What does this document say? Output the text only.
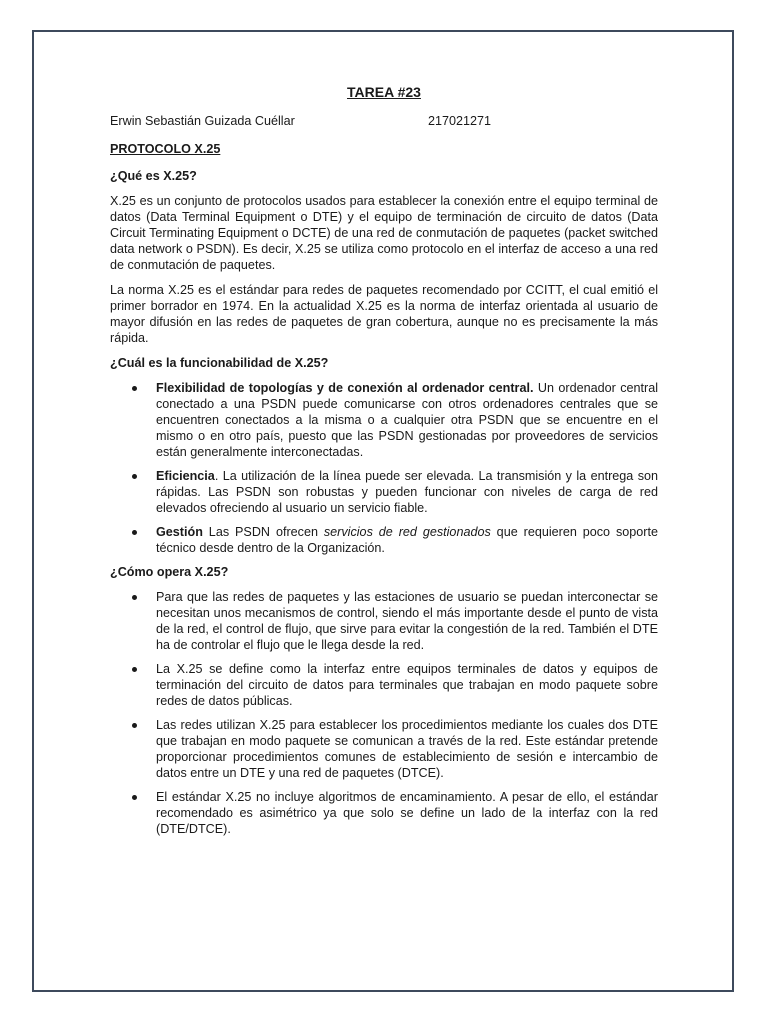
TAREA #23
Erwin Sebastián Guizada Cuéllar	217021271
PROTOCOLO X.25
¿Qué es X.25?

X.25 es un conjunto de protocolos usados para establecer la conexión entre el equipo terminal de datos (Data Terminal Equipment o DTE) y el equipo de terminación de circuito de datos (Data Circuit Terminating Equipment o DCTE) de una red de conmutación de paquetes (packet switched data network o PSDN). Es decir, X.25 se utiliza como protocolo en el interfaz de acceso a una red de conmutación de paquetes.

La norma X.25 es el estándar para redes de paquetes recomendado por CCITT, el cual emitió el primer borrador en 1974. En la actualidad X.25 es la norma de interfaz orientada al usuario de mayor difusión en las redes de paquetes de gran cobertura, aunque no es precisamente la más rápida.

¿Cuál es la funcionabilidad de X.25?
Flexibilidad de topologías y de conexión al ordenador central. Un ordenador central conectado a una PSDN puede comunicarse con otros ordenadores centrales que se encuentren conectados a la misma o a cualquier otra PSDN que se encuentre en el mismo o en otro país, puesto que las PSDN gestionadas por proveedores de servicios están generalmente interconectadas.
Eficiencia. La utilización de la línea puede ser elevada. La transmisión y la entrega son rápidas. Las PSDN son robustas y pueden funcionar con niveles de carga de red elevados ofreciendo al usuario un servicio fiable.
Gestión Las PSDN ofrecen servicios de red gestionados que requieren poco soporte técnico desde dentro de la Organización.
¿Cómo opera X.25?
Para que las redes de paquetes y las estaciones de usuario se puedan interconectar se necesitan unos mecanismos de control, siendo el más importante desde el punto de vista de la red, el control de flujo, que sirve para evitar la congestión de la red. También el DTE ha de controlar el flujo que le llega desde la red.
La X.25 se define como la interfaz entre equipos terminales de datos y equipos de terminación del circuito de datos para terminales que trabajan en modo paquete sobre redes de datos públicas.
Las redes utilizan X.25 para establecer los procedimientos mediante los cuales dos DTE que trabajan en modo paquete se comunican a través de la red. Este estándar pretende proporcionar procedimientos comunes de establecimiento de sesión e intercambio de datos entre un DTE y una red de paquetes (DTCE).
El estándar X.25 no incluye algoritmos de encaminamiento. A pesar de ello, el estándar recomendado es asimétrico ya que solo se define un lado de la interfaz con la red (DTE/DTCE).
